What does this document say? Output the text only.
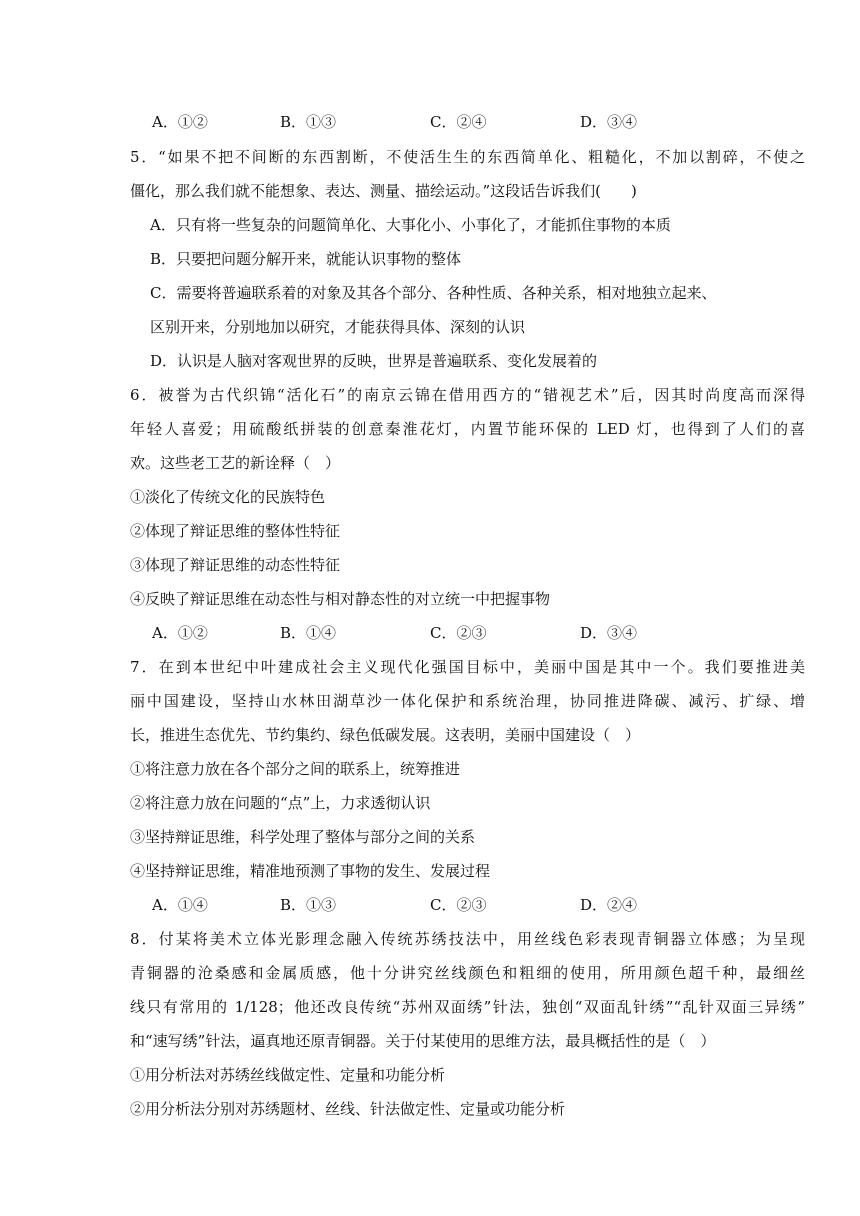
A．①②	B．①③	C．②④	D．③④
5．“如果不把不间断的东西割断，不使活生生的东西简单化、粗糙化，不加以割碎，不使之
僵化，那么我们就不能想象、表达、测量、描绘运动。”这段话告诉我们(　　)
A．只有将一些复杂的问题简单化、大事化小、小事化了，才能抓住事物的本质
B．只要把问题分解开来，就能认识事物的整体
C．需要将普遍联系着的对象及其各个部分、各种性质、各种关系，相对地独立起来、
区别开来，分别地加以研究，才能获得具体、深刻的认识
D．认识是人脑对客观世界的反映，世界是普遍联系、变化发展着的
6．被誉为古代织锦“活化石”的南京云锦在借用西方的“错视艺术”后，因其时尚度高而深得
年轻人喜爱；用硫酸纸拼装的创意秦淮花灯，内置节能环保的 LED 灯，也得到了人们的喜
欢。这些老工艺的新诠释（　）
①淡化了传统文化的民族特色
②体现了辩证思维的整体性特征
③体现了辩证思维的动态性特征
④反映了辩证思维在动态性与相对静态性的对立统一中把握事物
A．①②	B．①④	C．②③	D．③④
7．在到本世纪中叶建成社会主义现代化强国目标中，美丽中国是其中一个。我们要推进美
丽中国建设，坚持山水林田湖草沙一体化保护和系统治理，协同推进降碳、减污、扩绿、增
长，推进生态优先、节约集约、绿色低碳发展。这表明，美丽中国建设（　）
①将注意力放在各个部分之间的联系上，统筹推进
②将注意力放在问题的“点”上，力求透彻认识
③坚持辩证思维，科学处理了整体与部分之间的关系
④坚持辩证思维，精准地预测了事物的发生、发展过程
A．①④	B．①③	C．②③	D．②④
8．付某将美术立体光影理念融入传统苏绣技法中，用丝线色彩表现青铜器立体感；为呈现
青铜器的沧桑感和金属质感，他十分讲究丝线颜色和粗细的使用，所用颜色超千种，最细丝
线只有常用的 1/128；他还改良传统“苏州双面绣”针法，独创“双面乱针绣”“乱针双面三异绣”
和“速写绣”针法，逼真地还原青铜器。关于付某使用的思维方法，最具概括性的是（　）
①用分析法对苏绣丝线做定性、定量和功能分析
②用分析法分别对苏绣题材、丝线、针法做定性、定量或功能分析
